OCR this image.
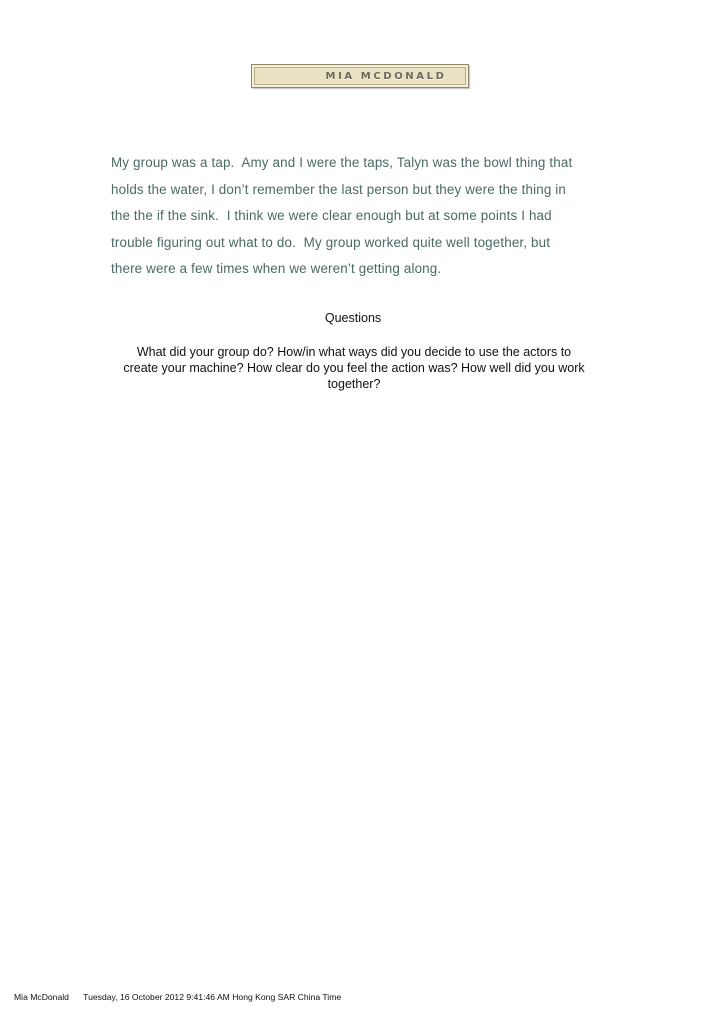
MIA MCDONALD
My group was a tap.  Amy and I were the taps, Talyn was the bowl thing that
holds the water, I don’t remember the last person but they were the thing in
the the if the sink.  I think we were clear enough but at some points I had
trouble figuring out what to do.  My group worked quite well together, but
there were a few times when we weren’t getting along.
Questions
What did your group do? How/in what ways did you decide to use the actors to
create your machine? How clear do you feel the action was? How well did you work
together?
Mia McDonald Tuesday, 16 October 2012 9:41:46 AM Hong Kong SAR China Time
